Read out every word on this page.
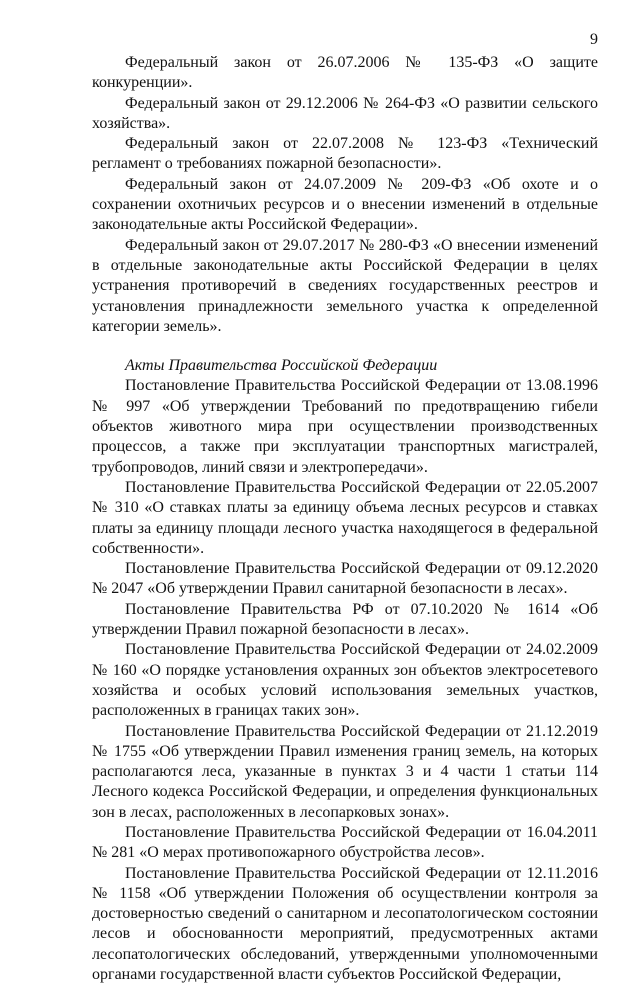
9

Федеральный закон от 26.07.2006 № 135-ФЗ «О защите конкуренции».

Федеральный закон от 29.12.2006 № 264-ФЗ «О развитии сельского хозяйства».

Федеральный закон от 22.07.2008 № 123-ФЗ «Технический регламент о требованиях пожарной безопасности».

Федеральный закон от 24.07.2009 № 209-ФЗ «Об охоте и о сохранении охотничьих ресурсов и о внесении изменений в отдельные законодательные акты Российской Федерации».

Федеральный закон от 29.07.2017 № 280-ФЗ «О внесении изменений в отдельные законодательные акты Российской Федерации в целях устранения противоречий в сведениях государственных реестров и установления принадлежности земельного участка к определенной категории земель».

Акты Правительства Российской Федерации

Постановление Правительства Российской Федерации от 13.08.1996 № 997 «Об утверждении Требований по предотвращению гибели объектов животного мира при осуществлении производственных процессов, а также при эксплуатации транспортных магистралей, трубопроводов, линий связи и электропередачи».

Постановление Правительства Российской Федерации от 22.05.2007 № 310 «О ставках платы за единицу объема лесных ресурсов и ставках платы за единицу площади лесного участка находящегося в федеральной собственности».

Постановление Правительства Российской Федерации от 09.12.2020 № 2047 «Об утверждении Правил санитарной безопасности в лесах».

Постановление Правительства РФ от 07.10.2020 № 1614 «Об утверждении Правил пожарной безопасности в лесах».

Постановление Правительства Российской Федерации от 24.02.2009 № 160 «О порядке установления охранных зон объектов электросетевого хозяйства и особых условий использования земельных участков, расположенных в границах таких зон».

Постановление Правительства Российской Федерации от 21.12.2019 № 1755 «Об утверждении Правил изменения границ земель, на которых располагаются леса, указанные в пунктах 3 и 4 части 1 статьи 114 Лесного кодекса Российской Федерации, и определения функциональных зон в лесах, расположенных в лесопарковых зонах».

Постановление Правительства Российской Федерации от 16.04.2011 № 281 «О мерах противопожарного обустройства лесов».

Постановление Правительства Российской Федерации от 12.11.2016 № 1158 «Об утверждении Положения об осуществлении контроля за достоверностью сведений о санитарном и лесопатологическом состоянии лесов и обоснованности мероприятий, предусмотренных актами лесопатологических обследований, утвержденными уполномоченными органами государственной власти субъектов Российской Федерации,
